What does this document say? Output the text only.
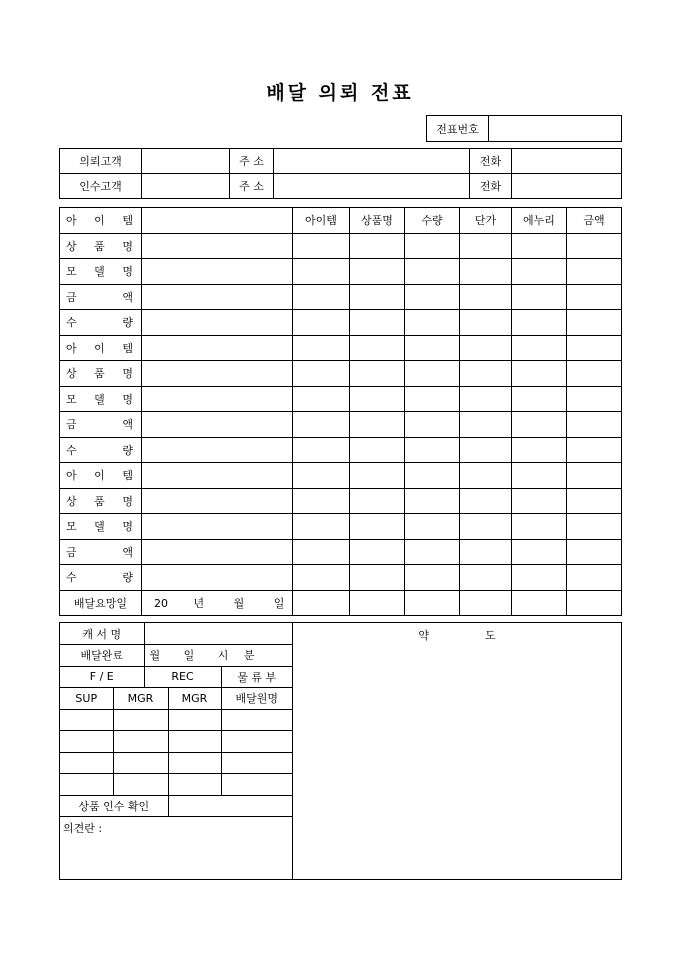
배달 의뢰 전표
전표번호	
의뢰고객		주 소		전화	
인수고객		주 소		전화	
아 이 템		아이템	상품명	수량	단가	에누리	금액
상 품 명							
모 델 명							
금 액							
수 량							
아 이 템							
상 품 명							
모 델 명							
금 액							
수 량							
아 이 템							
상 품 명							
모 델 명							
금 액							
수 량							
배달요망일	20 년 월 일						
캐 서 명	
배달완료	월 일 시 분
F / E	REC	물 류 부
SUP	MGR	MGR	배달원명

상품 인수 확인	
의견란 :

약	도
